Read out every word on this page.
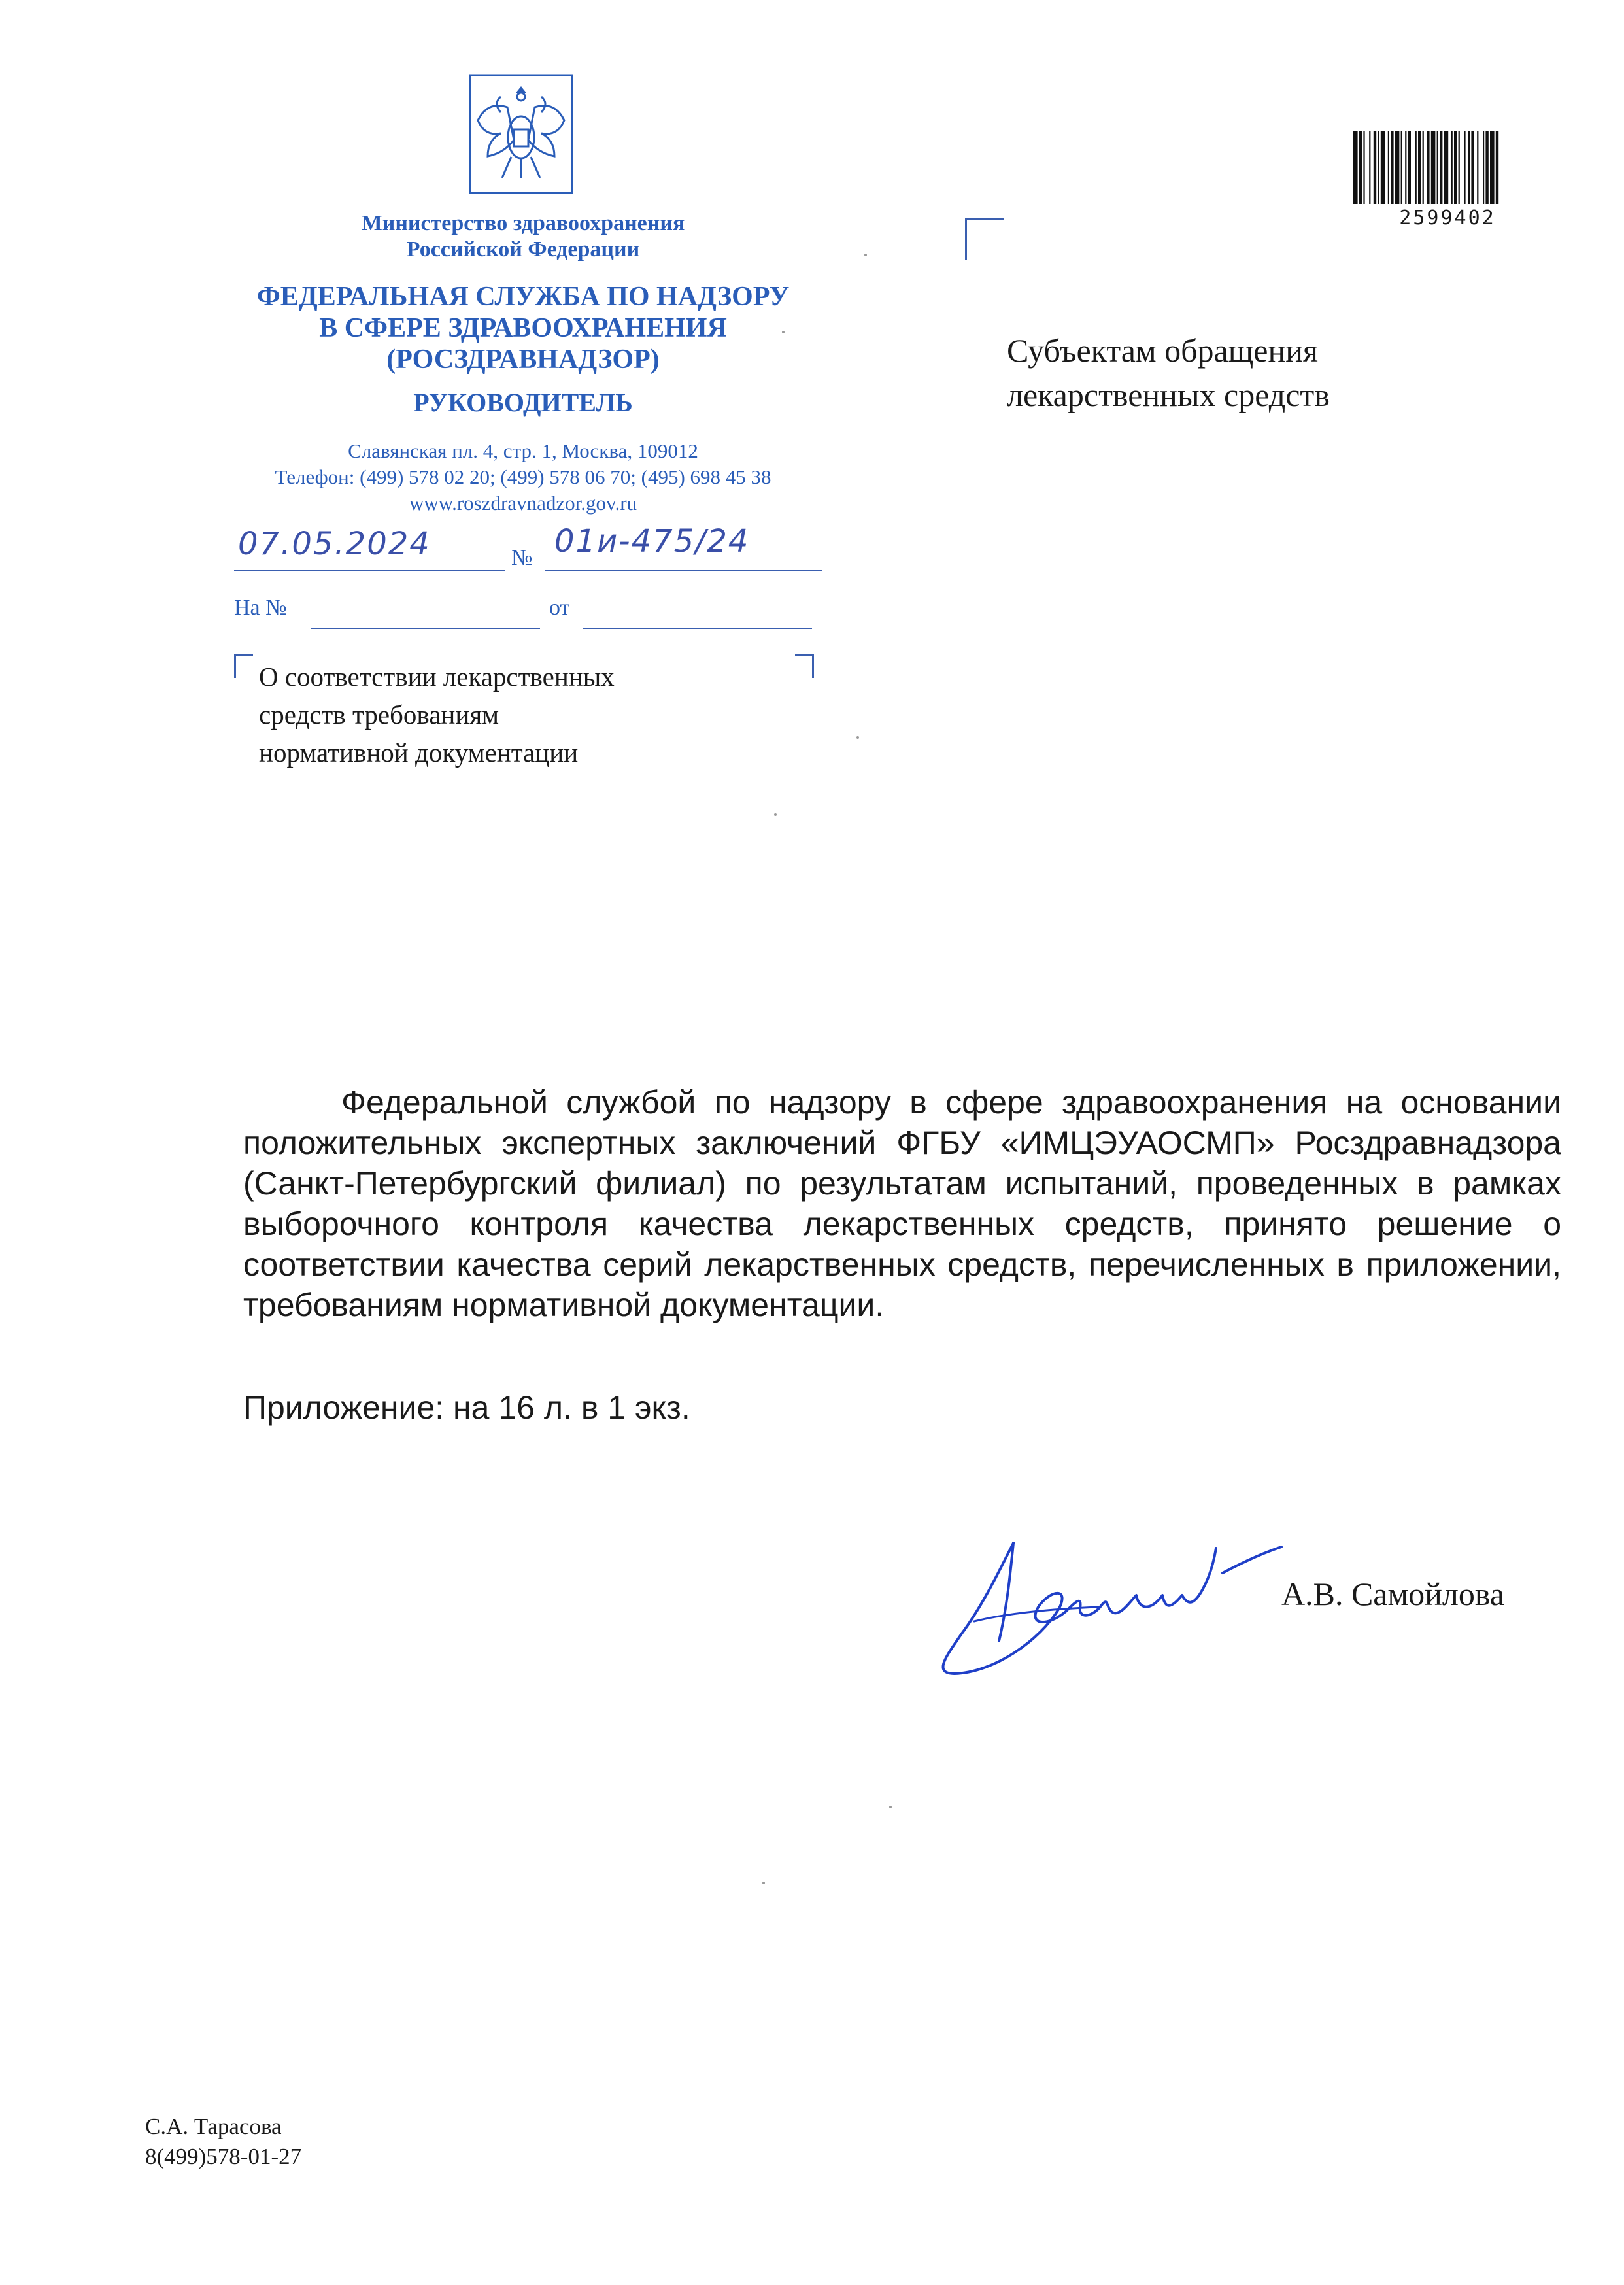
Министерство здравоохранения
Российской Федерации
ФЕДЕРАЛЬНАЯ СЛУЖБА ПО НАДЗОРУ
В СФЕРЕ ЗДРАВООХРАНЕНИЯ
(РОСЗДРАВНАДЗОР)
РУКОВОДИТЕЛЬ
Славянская пл. 4, стр. 1, Москва, 109012
Телефон: (499) 578 02 20; (499) 578 06 70; (495) 698 45 38
www.roszdravnadzor.gov.ru
07.05.2024	№ 01и-475/24
На №	от
О соответствии лекарственных
средств требованиям
нормативной документации
Субъектам обращения
лекарственных средств
2599402
Федеральной службой по надзору в сфере здравоохранения на основании положительных экспертных заключений ФГБУ «ИМЦЭУАОСМП» Росздравнадзора (Санкт-Петербургский филиал) по результатам испытаний, проведенных в рамках выборочного контроля качества лекарственных средств, принято решение о соответствии качества серий лекарственных средств, перечисленных в приложении, требованиям нормативной документации.
Приложение: на 16 л. в 1 экз.
А.В. Самойлова
С.А. Тарасова
8(499)578-01-27
